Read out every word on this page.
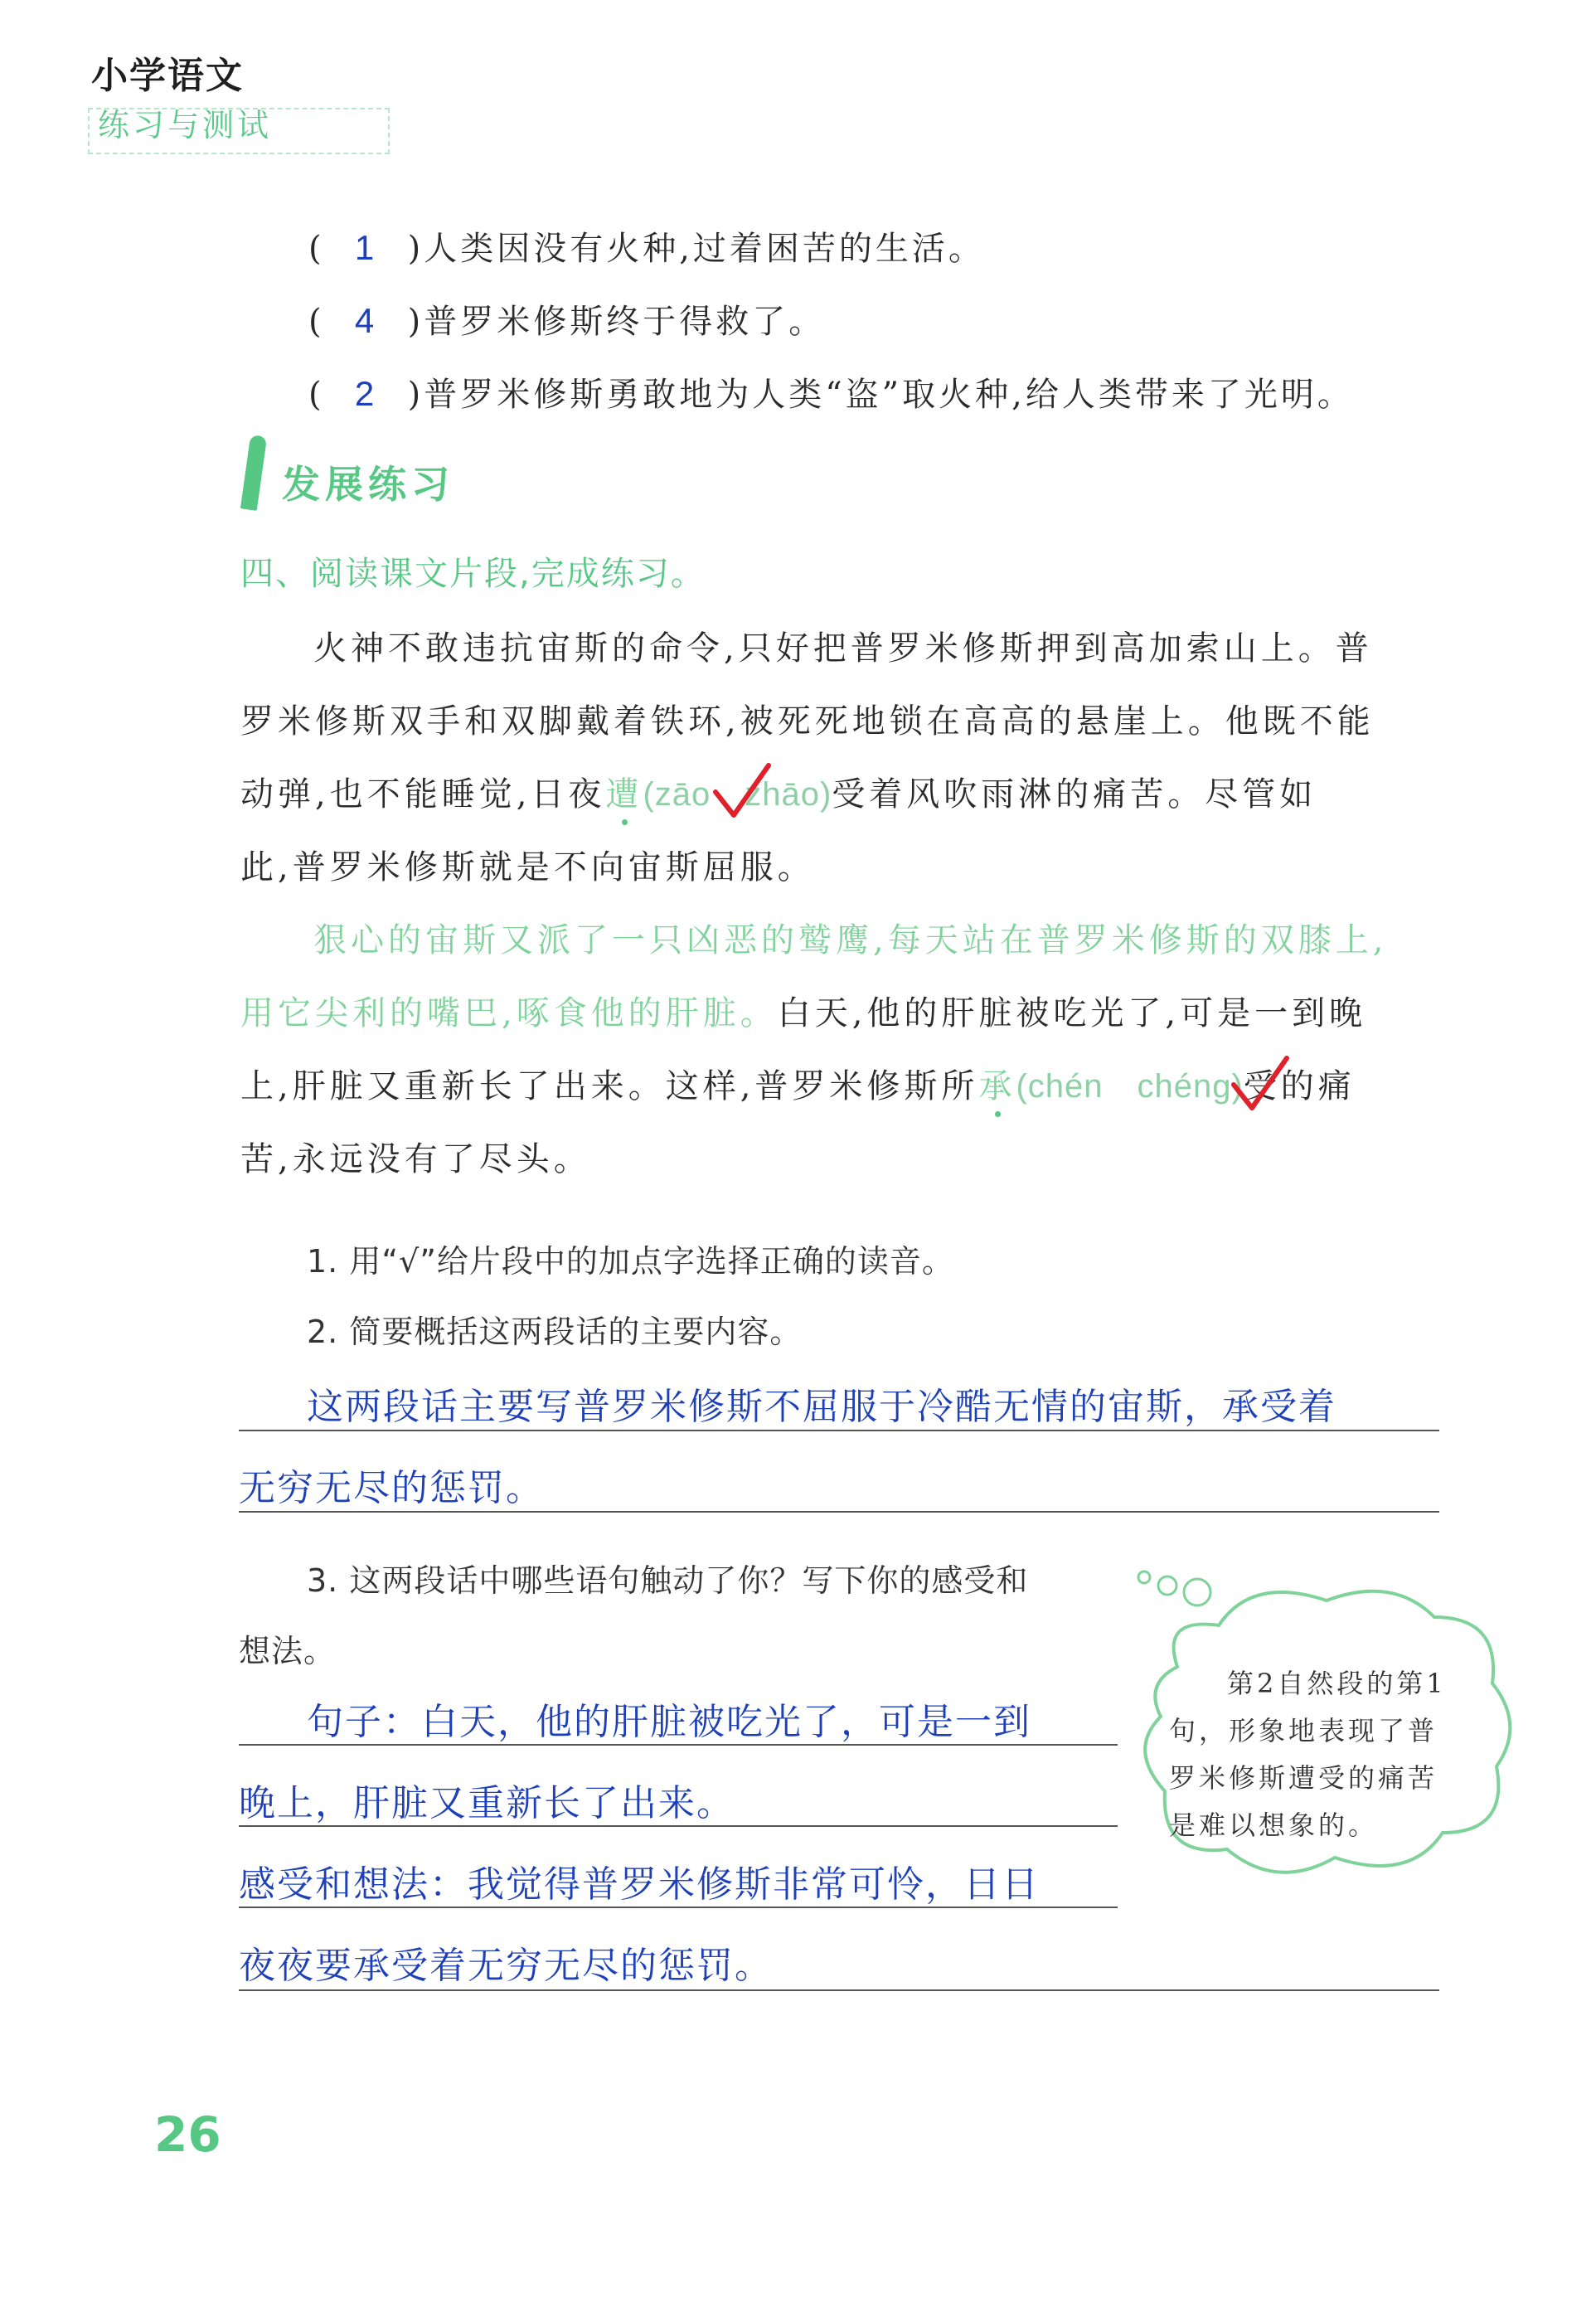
小学语文
练习与测试
( 1 )人类因没有火种,过着困苦的生活。
( 4 )普罗米修斯终于得救了。
( 2 )普罗米修斯勇敢地为人类“盗”取火种,给人类带来了光明。
发展练习
四、阅读课文片段,完成练习。
火神不敢违抗宙斯的命令,只好把普罗米修斯押到高加索山上。普
罗米修斯双手和双脚戴着铁环,被死死地锁在高高的悬崖上。他既不能
动弹,也不能睡觉,日夜遭(zāo　zhāo)受着风吹雨淋的痛苦。尽管如
此,普罗米修斯就是不向宙斯屈服。
狠心的宙斯又派了一只凶恶的鹫鹰,每天站在普罗米修斯的双膝上,
用它尖利的嘴巴,啄食他的肝脏。白天,他的肝脏被吃光了,可是一到晚
上,肝脏又重新长了出来。这样,普罗米修斯所承(chén　chéng)受的痛
苦,永远没有了尽头。
1. 用“√”给片段中的加点字选择正确的读音。
2. 简要概括这两段话的主要内容。
这两段话主要写普罗米修斯不屈服于冷酷无情的宙斯，承受着
无穷无尽的惩罚。
3. 这两段话中哪些语句触动了你？写下你的感受和
想法。
句子：白天，他的肝脏被吃光了，可是一到
晚上，肝脏又重新长了出来。
感受和想法：我觉得普罗米修斯非常可怜，日日
夜夜要承受着无穷无尽的惩罚。
第2自然段的第1
句，形象地表现了普
罗米修斯遭受的痛苦
是难以想象的。
26
